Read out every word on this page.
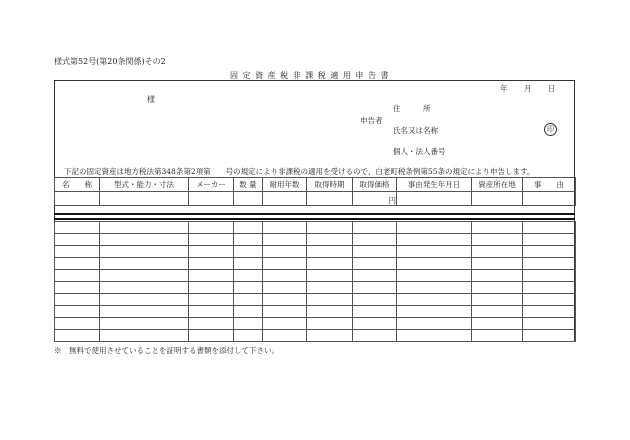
様式第52号(第20条関係)その2
固 定 資 産 税 非 課 税 適 用 申 告 書
年 月 日
様
申告者
住　　　所
氏名又は名称	印
個人・法人番号
下記の固定資産は地方税法第348条第2項第　　号の規定により非課税の適用を受けるので、白老町税条例第55条の規定により申告します。
名　　称	型式・能力・寸法	メーカー	数 量	耐用年数	取得時期	取得価格	事由発生年月日	資産所在地	事　　由
						円			

※　無料で使用させていることを証明する書類を添付して下さい。
